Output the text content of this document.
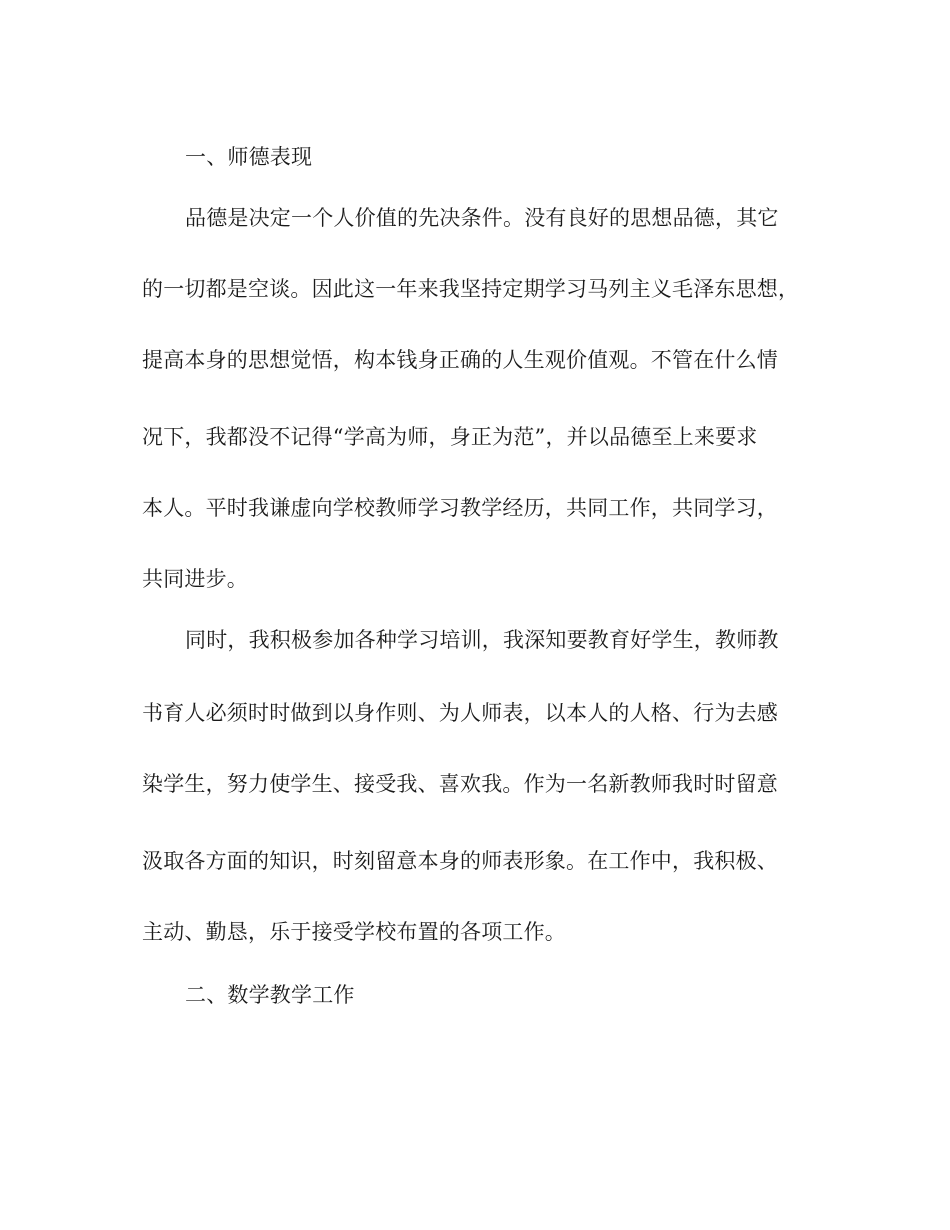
一、师德表现
品德是决定一个人价值的先决条件。没有良好的思想品德，其它
的一切都是空谈。因此这一年来我坚持定期学习马列主义毛泽东思想，
提高本身的思想觉悟，构本钱身正确的人生观价值观。不管在什么情
况下，我都没不记得“学高为师，身正为范”，并以品德至上来要求
本人。平时我谦虚向学校教师学习教学经历，共同工作，共同学习，
共同进步。
同时，我积极参加各种学习培训，我深知要教育好学生，教师教
书育人必须时时做到以身作则、为人师表，以本人的人格、行为去感
染学生，努力使学生、接受我、喜欢我。作为一名新教师我时时留意
汲取各方面的知识，时刻留意本身的师表形象。在工作中，我积极、
主动、勤恳，乐于接受学校布置的各项工作。
二、数学教学工作
